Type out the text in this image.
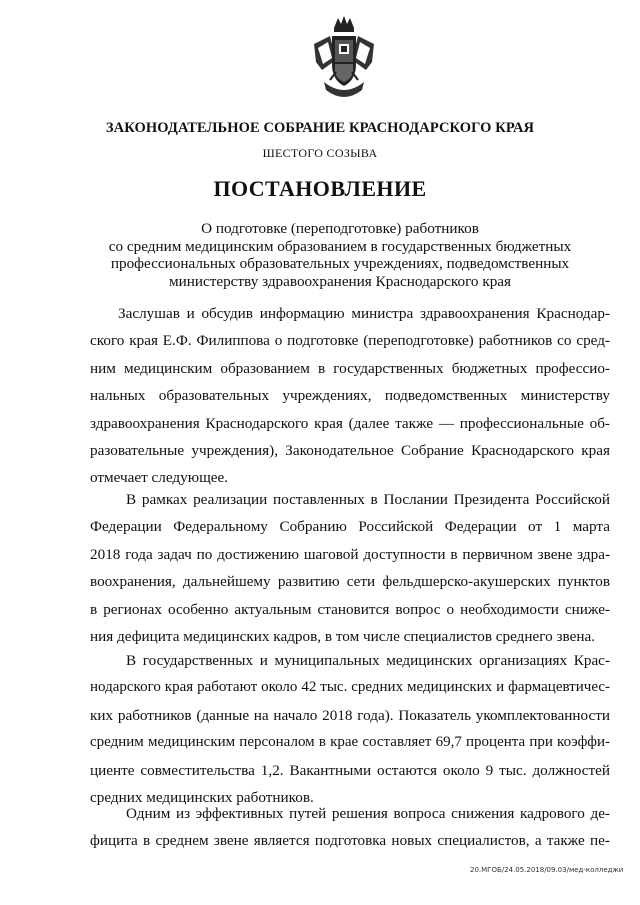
ЗАКОНОДАТЕЛЬНОЕ СОБРАНИЕ КРАСНОДАРСКОГО КРАЯ
ШЕСТОГО СОЗЫВА
ПОСТАНОВЛЕНИЕ
О подготовке (переподготовке) работников
со средним медицинским образованием в государственных бюджетных
профессиональных образовательных учреждениях, подведомственных
министерству здравоохранения Краснодарского края
Заслушав и обсудив информацию министра здравоохранения Краснодар-
ского края Е.Ф. Филиппова о подготовке (переподготовке) работников со сред-
ним медицинским образованием в государственных бюджетных профессио-
нальных образовательных учреждениях, подведомственных министерству
здравоохранения Краснодарского края (далее также — профессиональные об-
разовательные учреждения), Законодательное Собрание Краснодарского края
отмечает следующее.
В рамках реализации поставленных в Послании Президента Российской
Федерации Федеральному Собранию Российской Федерации от 1 марта
2018 года задач по достижению шаговой доступности в первичном звене здра-
воохранения, дальнейшему развитию сети фельдшерско-акушерских пунктов
в регионах особенно актуальным становится вопрос о необходимости сниже-
ния дефицита медицинских кадров, в том числе специалистов среднего звена.
В государственных и муниципальных медицинских организациях Крас-
нодарского края работают около 42 тыс. средних медицинских и фармацевтичес-
ких работников (данные на начало 2018 года). Показатель укомплектованности
средним медицинским персоналом в крае составляет 69,7 процента при коэффи-
циенте совместительства 1,2. Вакантными остаются около 9 тыс. должностей
средних медицинских работников.
Одним из эффективных путей решения вопроса снижения кадрового де-
фицита в среднем звене является подготовка новых специалистов, а также пе-
20.МГОБ/24.05.2018/09.03/мед-колледжи
